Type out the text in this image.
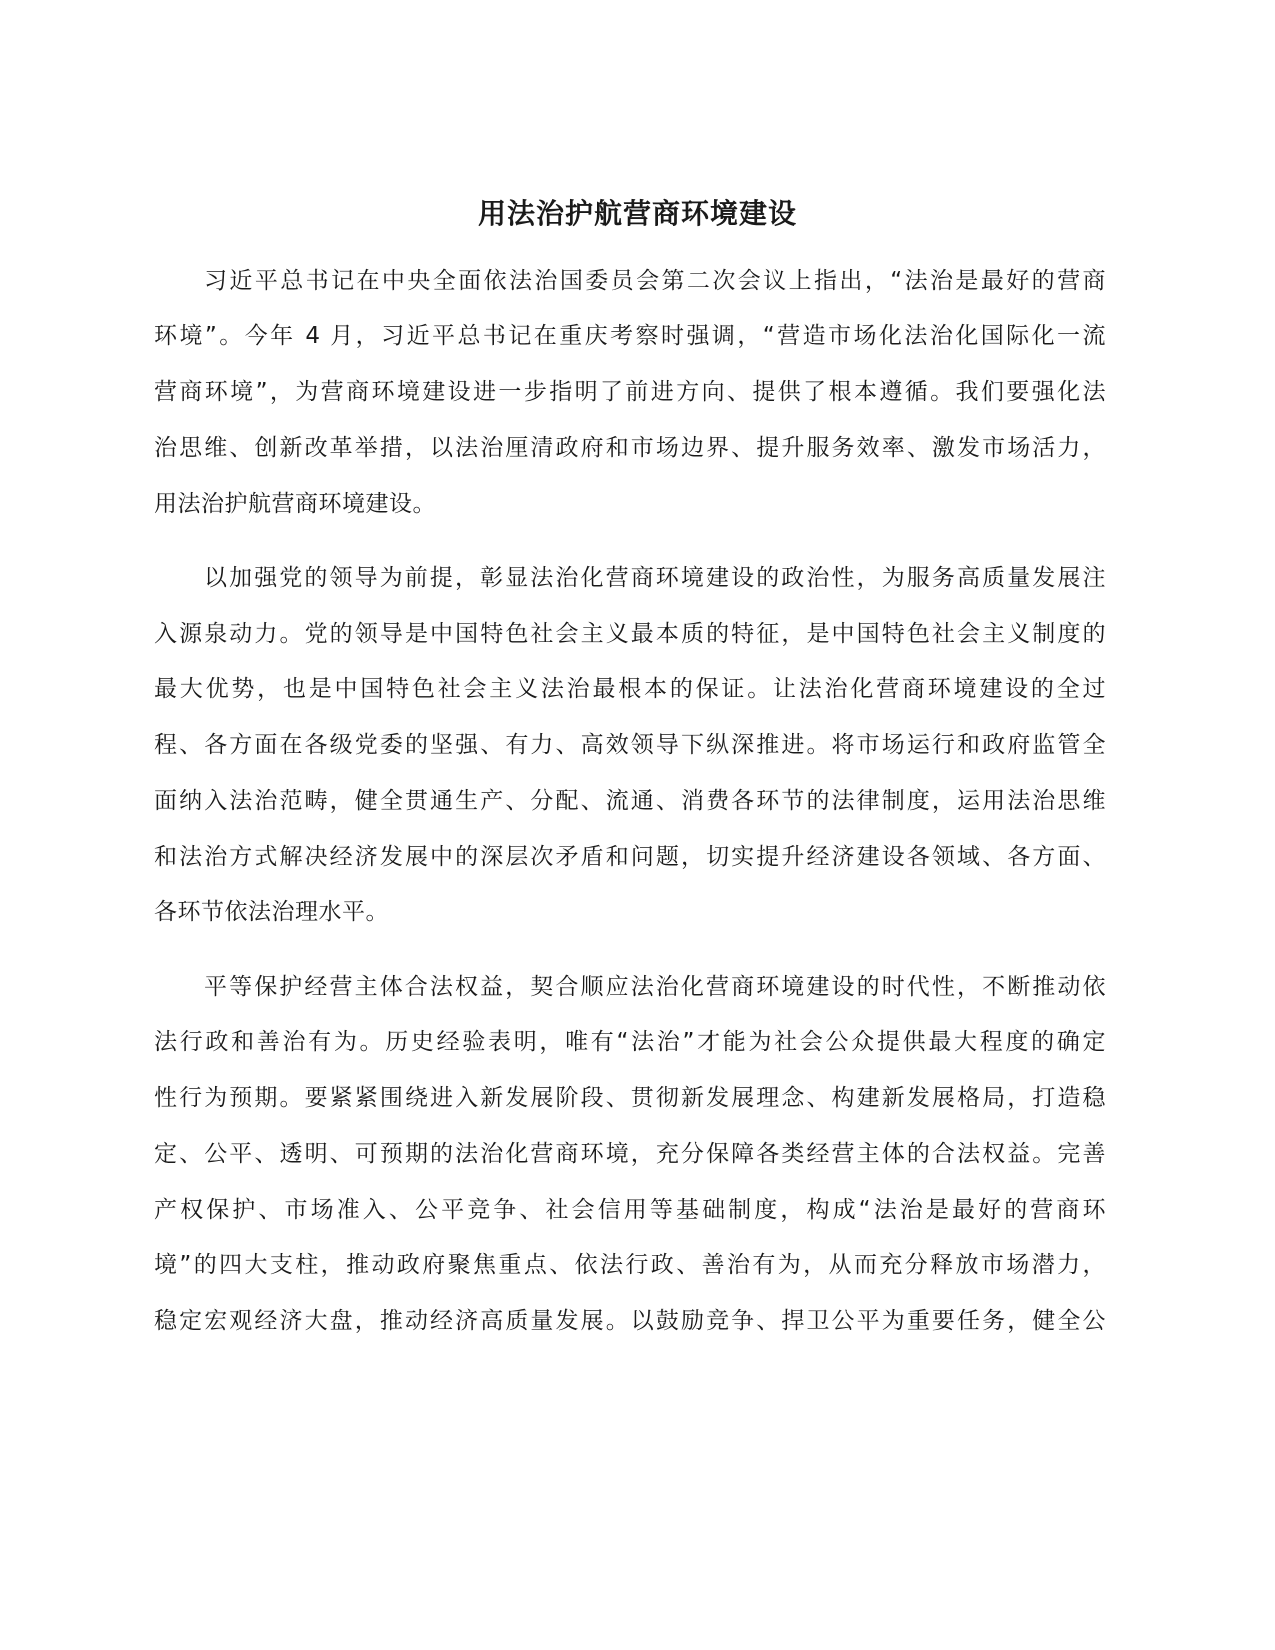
用法治护航营商环境建设
习近平总书记在中央全面依法治国委员会第二次会议上指出，“法治是最好的营商
环境”。今年 4 月，习近平总书记在重庆考察时强调，“营造市场化法治化国际化一流
营商环境”，为营商环境建设进一步指明了前进方向、提供了根本遵循。我们要强化法
治思维、创新改革举措，以法治厘清政府和市场边界、提升服务效率、激发市场活力，
用法治护航营商环境建设。
以加强党的领导为前提，彰显法治化营商环境建设的政治性，为服务高质量发展注
入源泉动力。党的领导是中国特色社会主义最本质的特征，是中国特色社会主义制度的
最大优势，也是中国特色社会主义法治最根本的保证。让法治化营商环境建设的全过
程、各方面在各级党委的坚强、有力、高效领导下纵深推进。将市场运行和政府监管全
面纳入法治范畴，健全贯通生产、分配、流通、消费各环节的法律制度，运用法治思维
和法治方式解决经济发展中的深层次矛盾和问题，切实提升经济建设各领域、各方面、
各环节依法治理水平。
平等保护经营主体合法权益，契合顺应法治化营商环境建设的时代性，不断推动依
法行政和善治有为。历史经验表明，唯有“法治”才能为社会公众提供最大程度的确定
性行为预期。要紧紧围绕进入新发展阶段、贯彻新发展理念、构建新发展格局，打造稳
定、公平、透明、可预期的法治化营商环境，充分保障各类经营主体的合法权益。完善
产权保护、市场准入、公平竞争、社会信用等基础制度，构成“法治是最好的营商环
境”的四大支柱，推动政府聚焦重点、依法行政、善治有为，从而充分释放市场潜力，
稳定宏观经济大盘，推动经济高质量发展。以鼓励竞争、捍卫公平为重要任务，健全公
